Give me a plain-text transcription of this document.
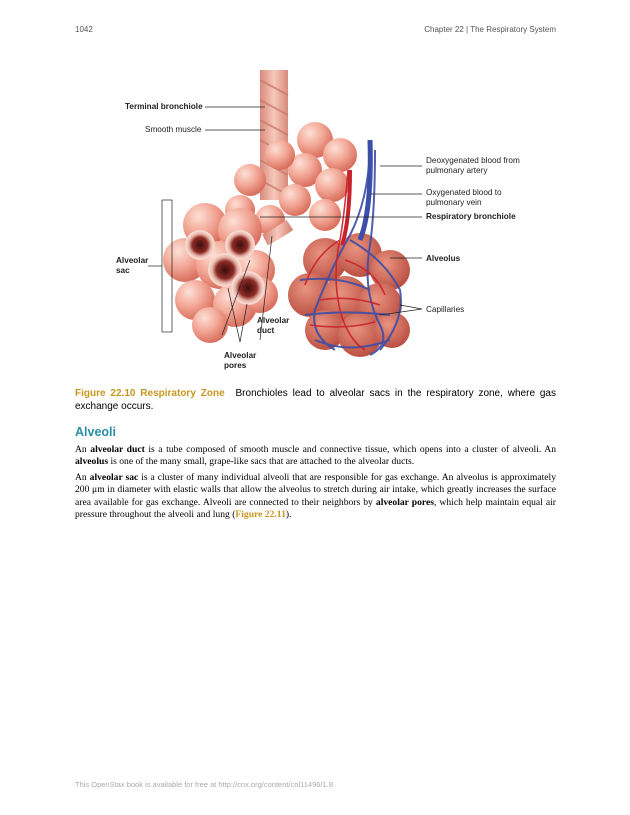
1042	Chapter 22 | The Respiratory System
Terminal bronchiole
Smooth muscle
Alveolar sac
Alveolar duct
Alveolar pores
Deoxygenated blood from pulmonary artery
Oxygenated blood to pulmonary vein
Respiratory bronchiole
Alveolus
Capillaries
Figure 22.10 Respiratory Zone Bronchioles lead to alveolar sacs in the respiratory zone, where gas exchange occurs.
Alveoli
An alveolar duct is a tube composed of smooth muscle and connective tissue, which opens into a cluster of alveoli. An alveolus is one of the many small, grape-like sacs that are attached to the alveolar ducts.
An alveolar sac is a cluster of many individual alveoli that are responsible for gas exchange. An alveolus is approximately 200 μm in diameter with elastic walls that allow the alveolus to stretch during air intake, which greatly increases the surface area available for gas exchange. Alveoli are connected to their neighbors by alveolar pores, which help maintain equal air pressure throughout the alveoli and lung (Figure 22.11).
This OpenStax book is available for free at http://cnx.org/content/col11496/1.8
